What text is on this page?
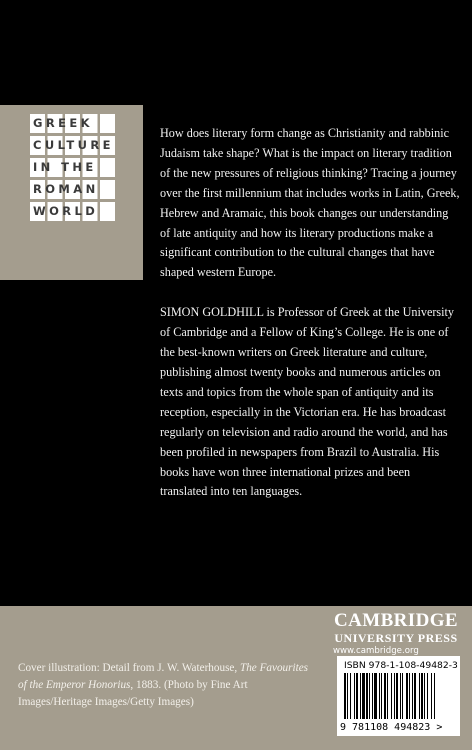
GREEK
CULTURE
IN THE
ROMAN
WORLD

How does literary form change as Christianity and rabbinic Judaism take shape? What is the impact on literary tradition of the new pressures of religious thinking? Tracing a journey over the first millennium that includes works in Latin, Greek, Hebrew and Aramaic, this book changes our understanding of late antiquity and how its literary productions make a significant contribution to the cultural changes that have shaped western Europe.

SIMON GOLDHILL is Professor of Greek at the University of Cambridge and a Fellow of King’s College. He is one of the best-known writers on Greek literature and culture, publishing almost twenty books and numerous articles on texts and topics from the whole span of antiquity and its reception, especially in the Victorian era. He has broadcast regularly on television and radio around the world, and has been profiled in newspapers from Brazil to Australia. His books have won three international prizes and been translated into ten languages.

Cover illustration: Detail from J. W. Waterhouse, The Favourites of the Emperor Honorius, 1883. (Photo by Fine Art Images/Heritage Images/Getty Images)
CAMBRIDGE
UNIVERSITY PRESS
www.cambridge.org
ISBN 978-1-108-49482-3
9 781108 494823 >
